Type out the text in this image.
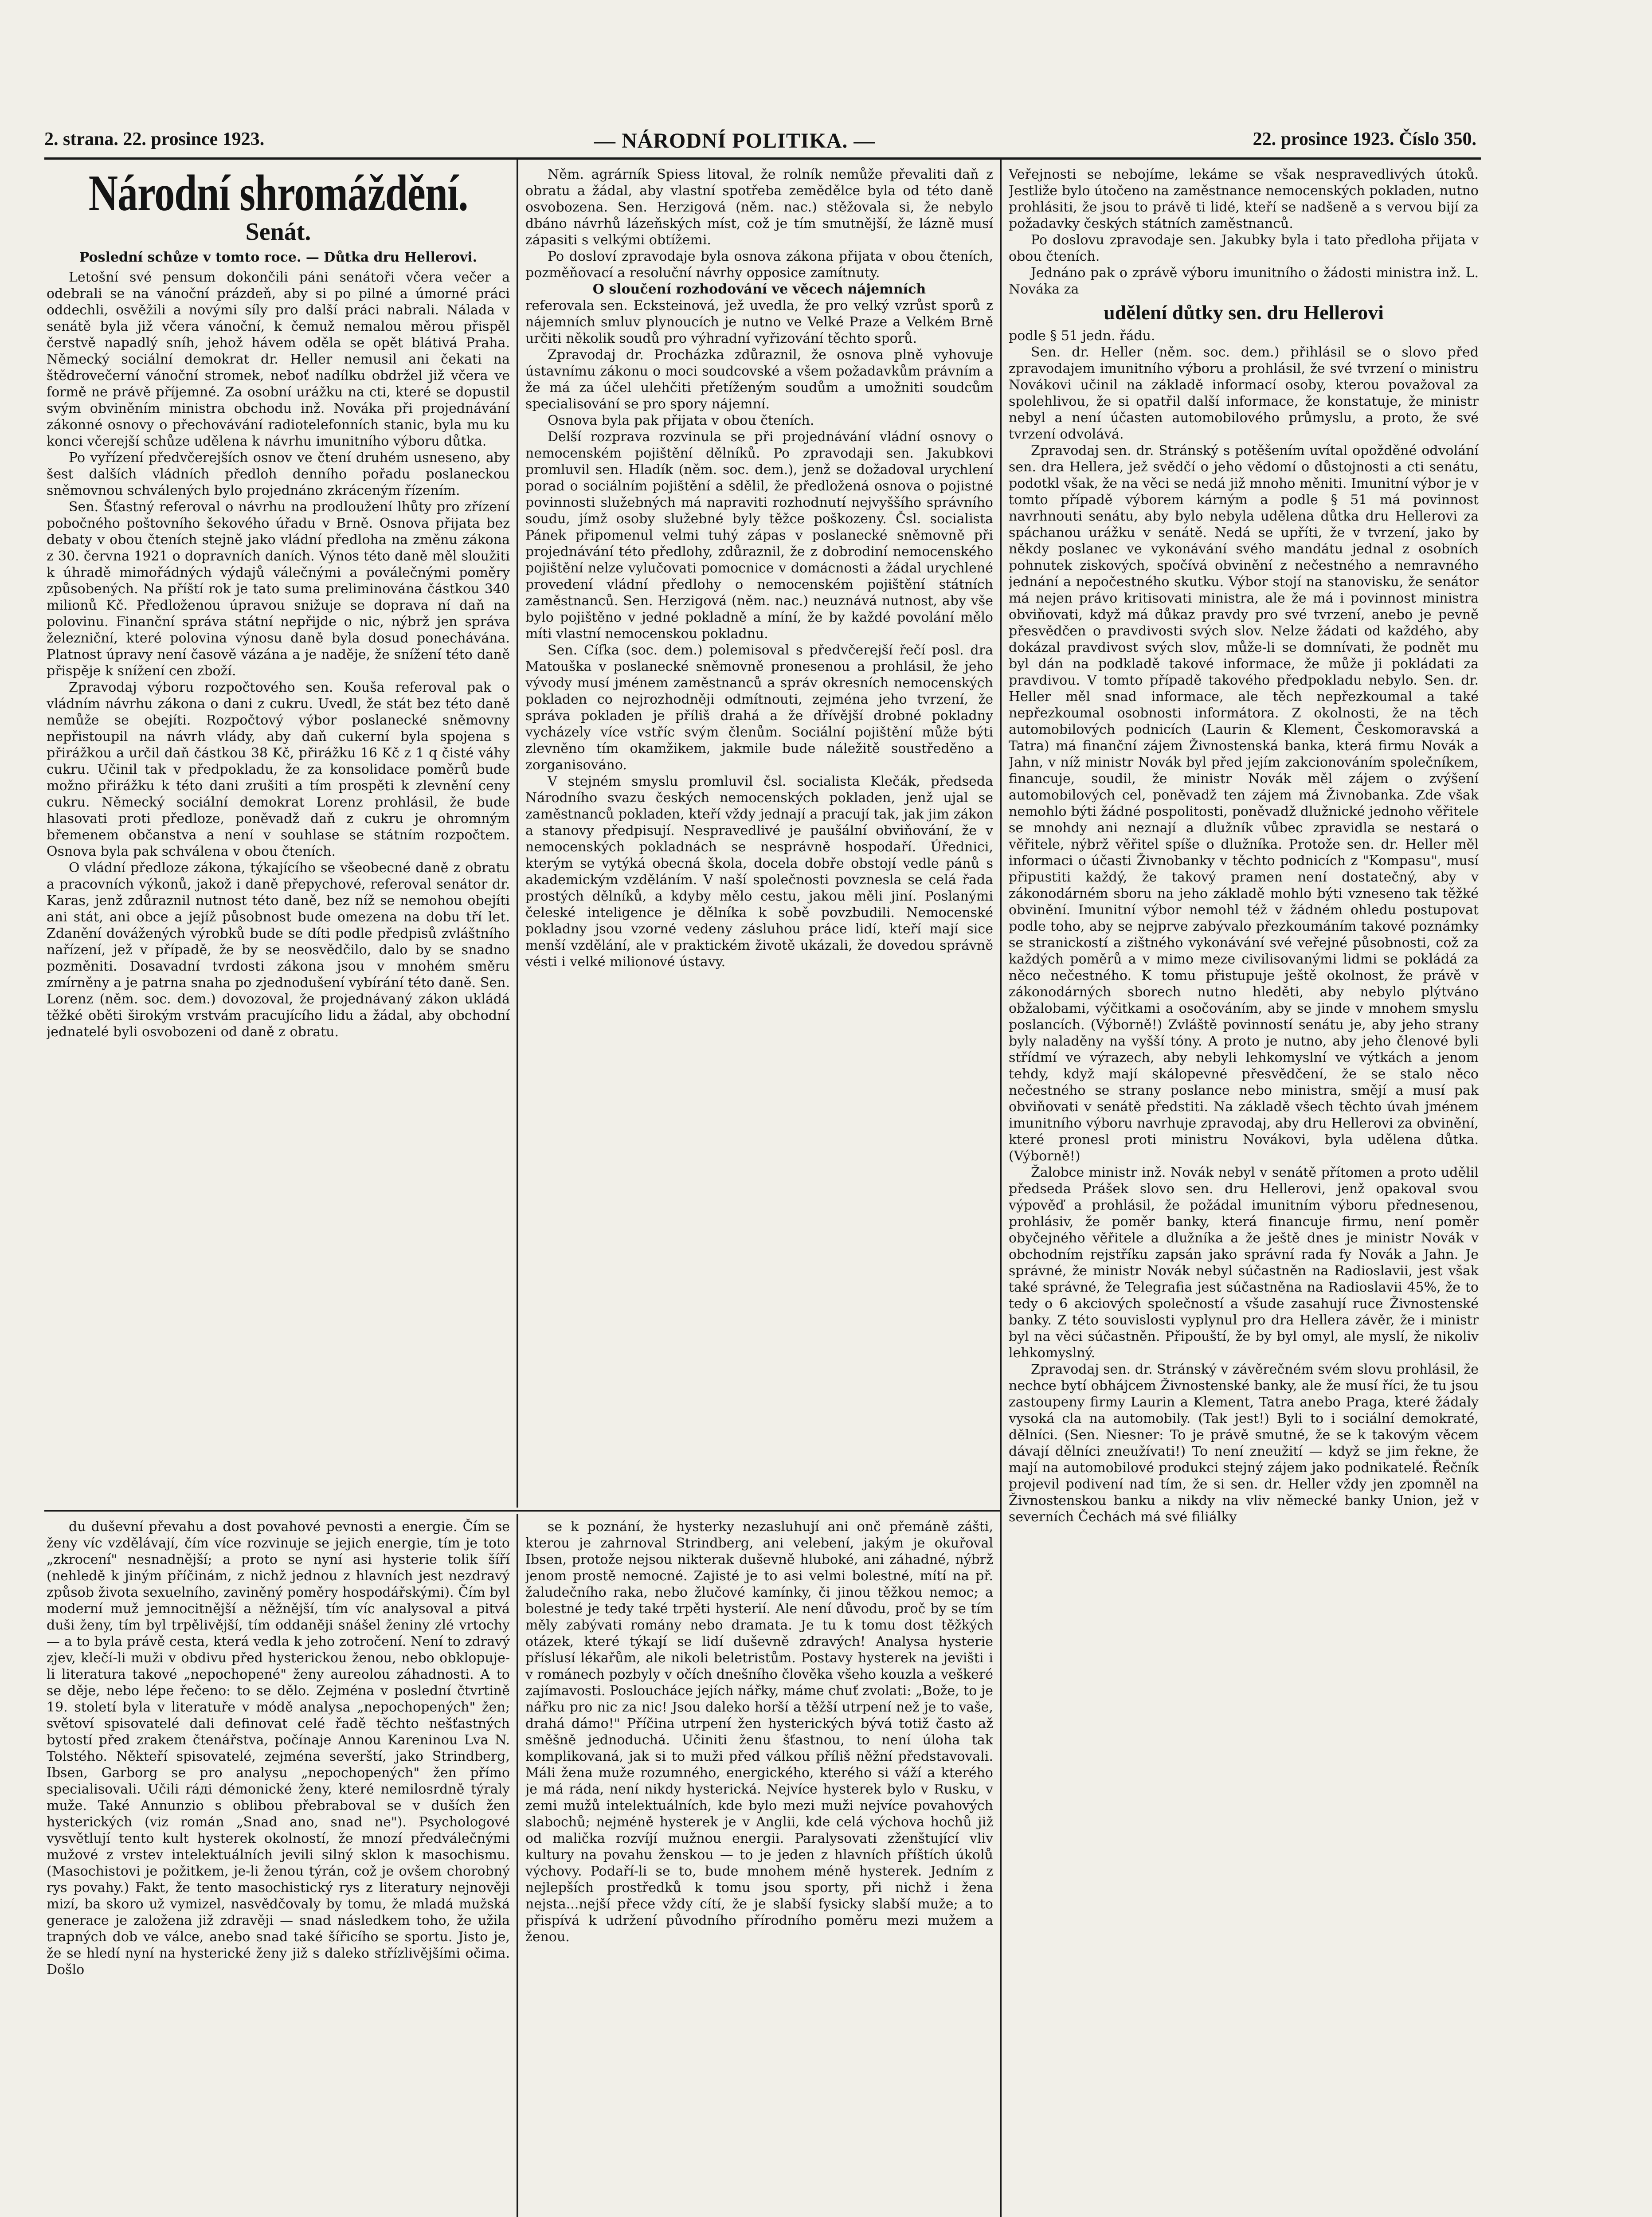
2. strana. 22. prosince 1923.	— NÁRODNÍ POLITIKA. —	22. prosince 1923. Číslo 350.
Národní shromáždění.
Senát.
Poslední schůze v tomto roce. — Důtka dru Hellerovi.

Letošní své pensum dokončili páni senátoři včera večer a odebrali se na vánoční prázdeň, aby si po pilné a úmorné práci oddechli, osvěžili a novými síly pro další práci nabrali. Nálada v senátě byla již včera vánoční, k čemuž nemalou měrou přispěl čerstvě napadlý sníh, jehož hávem oděla se opět blátivá Praha. Německý sociální demokrat dr. Heller nemusil ani čekati na štědrovečerní vánoční stromek, neboť nadílku obdržel již včera ve formě ne právě příjemné. Za osobní urážku na cti, které se dopustil svým obviněním ministra obchodu inž. Nováka při projednávání zákonné osnovy o přechovávání radiotelefonních stanic, byla mu ku konci včerejší schůze udělena k návrhu imunitního výboru důtka.

Po vyřízení předvčerejších osnov ve čtení druhém usneseno, aby šest dalších vládních předloh denního pořadu poslaneckou sněmovnou schválených bylo projednáno zkráceným řízením.

Sen. Šťastný referoval o návrhu na prodloužení lhůty pro zřízení pobočného poštovního šekového úřadu v Brně. Osnova přijata bez debaty v obou čteních stejně jako vládní předloha na změnu zákona z 30. června 1921 o dopravních daních. Výnos této daně měl sloužiti k úhradě mimořádných výdajů válečnými a poválečnými poměry způsobených. Na příští rok je tato suma preliminována částkou 340 milionů Kč. Předloženou úpravou snižuje se doprava ní daň na polovinu. Finanční správa státní nepřijde o nic, nýbrž jen správa železniční, které polovina výnosu daně byla dosud ponechávána. Platnost úpravy není časově vázána a je naděje, že snížení této daně přispěje k snížení cen zboží.

Zpravodaj výboru rozpočtového sen. Kouša referoval pak o vládním návrhu zákona o dani z cukru. Uvedl, že stát bez této daně nemůže se obejíti. Rozpočtový výbor poslanecké sněmovny nepřistoupil na návrh vlády, aby daň cukerní byla spojena s přirážkou a určil daň částkou 38 Kč, přirážku 16 Kč z 1 q čisté váhy cukru. Učinil tak v předpokladu, že za konsolidace poměrů bude možno přirážku k této dani zrušiti a tím prospěti k zlevnění ceny cukru. Německý sociální demokrat Lorenz prohlásil, že bude hlasovati proti předloze, poněvadž daň z cukru je ohromným břemenem občanstva a není v souhlase se státním rozpočtem. Osnova byla pak schválena v obou čteních.

O vládní předloze zákona, týkajícího se všeobecné daně z obratu a pracovních výkonů, jakož i daně přepychové, referoval senátor dr. Karas, jenž zdůraznil nutnost této daně, bez níž se nemohou obejíti ani stát, ani obce a jejíž působnost bude omezena na dobu tří let. Zdanění dovážených výrobků bude se díti podle předpisů zvláštního nařízení, jež v případě, že by se neosvědčilo, dalo by se snadno pozměniti. Dosavadní tvrdosti zákona jsou v mnohém směru zmírněny a je patrna snaha po zjednodušení vybírání této daně. Sen. Lorenz (něm. soc. dem.) dovozoval, že projednávaný zákon ukládá těžké oběti širokým vrstvám pracujícího lidu a žádal, aby obchodní jednatelé byli osvobozeni od daně z obratu.

Něm. agrárník Spiess litoval, že rolník nemůže převaliti daň z obratu a žádal, aby vlastní spotřeba zemědělce byla od této daně osvobozena. Sen. Herzigová (něm. nac.) stěžovala si, že nebylo dbáno návrhů lázeňských míst, což je tím smutnější, že lázně musí zápasiti s velkými obtížemi.

Po dosloví zpravodaje byla osnova zákona přijata v obou čteních, pozměňovací a resoluční návrhy opposice zamítnuty.

O sloučení rozhodování ve věcech nájemních

referovala sen. Ecksteinová, jež uvedla, že pro velký vzrůst sporů z nájemních smluv plynoucích je nutno ve Velké Praze a Velkém Brně určiti několik soudů pro výhradní vyřizování těchto sporů.

Zpravodaj dr. Procházka zdůraznil, že osnova plně vyhovuje ústavnímu zákonu o moci soudcovské a všem požadavkům právním a že má za účel ulehčiti přetíženým soudům a umožniti soudcům specialisování se pro spory nájemní.

Osnova byla pak přijata v obou čteních.

Delší rozprava rozvinula se při projednávání vládní osnovy o nemocenském pojištění dělníků. Po zpravodaji sen. Jakubkovi promluvil sen. Hladík (něm. soc. dem.), jenž se dožadoval urychlení porad o sociálním pojištění a sdělil, že předložená osnova o pojistné povinnosti služebných má napraviti rozhodnutí nejvyššího správního soudu, jímž osoby služebné byly těžce poškozeny. Čsl. socialista Pánek připomenul velmi tuhý zápas v poslanecké sněmovně při projednávání této předlohy, zdůraznil, že z dobrodiní nemocenského pojištění nelze vylučovati pomocnice v domácnosti a žádal urychlené provedení vládní předlohy o nemocenském pojištění státních zaměstnanců. Sen. Herzigová (něm. nac.) neuznává nutnost, aby vše bylo pojištěno v jedné pokladně a míní, že by každé povolání mělo míti vlastní nemocenskou pokladnu.

Sen. Cífka (soc. dem.) polemisoval s předvčerejší řečí posl. dra Matouška v poslanecké sněmovně pronesenou a prohlásil, že jeho vývody musí jménem zaměstnanců a správ okresních nemocenských pokladen co nejrozhodněji odmítnouti, zejména jeho tvrzení, že správa pokladen je příliš drahá a že dřívější drobné pokladny vycházely více vstříc svým členům. Sociální pojištění může býti zlevněno tím okamžikem, jakmile bude náležitě soustředěno a zorganisováno.

V stejném smyslu promluvil čsl. socialista Klečák, předseda Národního svazu českých nemocenských pokladen, jenž ujal se zaměstnanců pokladen, kteří vždy jednají a pracují tak, jak jim zákon a stanovy předpisují. Nespravedlivé je paušální obviňování, že v nemocenských pokladnách se nesprávně hospodaří. Úřednici, kterým se vytýká obecná škola, docela dobře obstojí vedle pánů s akademickým vzděláním. V naší společnosti povznesla se celá řada prostých dělníků, a kdyby mělo cestu, jakou měli jiní. Poslanými čeleské inteligence je dělníka k sobě povzbudili. Nemocenské pokladny jsou vzorné vedeny zásluhou práce lidí, kteří mají sice menší vzdělání, ale v praktickém životě ukázali, že dovedou správně vésti i velké milionové ústavy.

Veřejnosti se nebojíme, lekáme se však nespravedlivých útoků. Jestliže bylo útočeno na zaměstnance nemocenských pokladen, nutno prohlásiti, že jsou to právě ti lidé, kteří se nadšeně a s vervou bijí za požadavky českých státních zaměstnanců.

Po doslovu zpravodaje sen. Jakubky byla i tato předloha přijata v obou čteních.

Jednáno pak o zprávě výboru imunitního o žádosti ministra inž. L. Nováka za

udělení důtky sen. dru Hellerovi

podle § 51 jedn. řádu.

Sen. dr. Heller (něm. soc. dem.) přihlásil se o slovo před zpravodajem imunitního výboru a prohlásil, že své tvrzení o ministru Novákovi učinil na základě informací osoby, kterou považoval za spolehlivou, že si opatřil další informace, že konstatuje, že ministr nebyl a není účasten automobilového průmyslu, a proto, že své tvrzení odvolává.

Zpravodaj sen. dr. Stránský s potěšením uvítal opožděné odvolání sen. dra Hellera, jež svědčí o jeho vědomí o důstojnosti a cti senátu, podotkl však, že na věci se nedá již mnoho měniti. Imunitní výbor je v tomto případě výborem kárným a podle § 51 má povinnost navrhnouti senátu, aby bylo nebyla udělena důtka dru Hellerovi za spáchanou urážku v senátě. Nedá se upříti, že v tvrzení, jako by někdy poslanec ve vykonávání svého mandátu jednal z osobních pohnutek ziskových, spočívá obvinění z nečestného a nemravného jednání a nepočestného skutku. Výbor stojí na stanovisku, že senátor má nejen právo kritisovati ministra, ale že má i povinnost ministra obviňovati, když má důkaz pravdy pro své tvrzení, anebo je pevně přesvědčen o pravdivosti svých slov. Nelze žádati od každého, aby dokázal pravdivost svých slov, může-li se domnívati, že podnět mu byl dán na podkladě takové informace, že může ji pokládati za pravdivou. V tomto případě takového předpokladu nebylo. Sen. dr. Heller měl snad informace, ale těch nepřezkoumal a také nepřezkoumal osobnosti informátora. Z okolnosti, že na těch automobilových podnicích (Laurin & Klement, Českomoravská a Tatra) má finanční zájem Živnostenská banka, která firmu Novák a Jahn, v níž ministr Novák byl před jejím zakcionováním společníkem, financuje, soudil, že ministr Novák měl zájem o zvýšení automobilových cel, poněvadž ten zájem má Živnobanka. Zde však nemohlo býti žádné pospolitosti, poněvadž dlužnické jednoho věřitele se mnohdy ani neznají a dlužník vůbec zpravidla se nestará o věřitele, nýbrž věřitel spíše o dlužníka. Protože sen. dr. Heller měl informaci o účasti Živnobanky v těchto podnicích z "Kompasu", musí připustiti každý, že takový pramen není dostatečný, aby v zákonodárném sboru na jeho základě mohlo býti vzneseno tak těžké obvinění. Imunitní výbor nemohl též v žádném ohledu postupovat podle toho, aby se nejprve zabývalo přezkoumáním takové poznámky se stranickostí a zištného vykonávání své veřejné působnosti, což za každých poměrů a v mimo meze civilisovanými lidmi se pokládá za něco nečestného. K tomu přistupuje ještě okolnost, že právě v zákonodárných sborech nutno hleděti, aby nebylo plýtváno obžalobami, výčitkami a osočováním, aby se jinde v mnohem smyslu poslancích. (Výborně!) Zvláště povinností senátu je, aby jeho strany byly naladěny na vyšší tóny. A proto je nutno, aby jeho členové byli střídmí ve výrazech, aby nebyli lehkomyslní ve výtkách a jenom tehdy, když mají skálopevné přesvědčení, že se stalo něco nečestného se strany poslance nebo ministra, smějí a musí pak obviňovati v senátě předstiti. Na základě všech těchto úvah jménem imunitního výboru navrhuje zpravodaj, aby dru Hellerovi za obvinění, které pronesl proti ministru Novákovi, byla udělena důtka. (Výborně!)

Žalobce ministr inž. Novák nebyl v senátě přítomen a proto udělil předseda Prášek slovo sen. dru Hellerovi, jenž opakoval svou výpověď a prohlásil, že požádal imunitním výboru přednesenou, prohlásiv, že poměr banky, která financuje firmu, není poměr obyčejného věřitele a dlužníka a že ještě dnes je ministr Novák v obchodním rejstříku zapsán jako správní rada fy Novák a Jahn. Je správné, že ministr Novák nebyl súčastněn na Radioslavii, jest však také správné, že Telegrafia jest súčastněna na Radioslavii 45%, že to tedy o 6 akciových společností a všude zasahují ruce Živnostenské banky. Z této souvislosti vyplynul pro dra Hellera závěr, že i ministr byl na věci súčastněn. Připouští, že by byl omyl, ale myslí, že nikoliv lehkomyslný.

Zpravodaj sen. dr. Stránský v závěrečném svém slovu prohlásil, že nechce bytí obhájcem Živnostenské banky, ale že musí říci, že tu jsou zastoupeny firmy Laurin a Klement, Tatra anebo Praga, které žádaly vysoká cla na automobily. (Tak jest!) Byli to i sociální demokraté, dělníci. (Sen. Niesner: To je právě smutné, že se k takovým věcem dávají dělníci zneužívati!) To není zneužití — když se jim řekne, že mají na automobilové produkci stejný zájem jako podnikatelé. Řečník projevil podivení nad tím, že si sen. dr. Heller vždy jen zpomněl na Živnostenskou banku a nikdy na vliv německé banky Union, jež v severních Čechách má své filiálky

du duševní převahu a dost povahové pevnosti a energie. Čím se ženy víc vzdělávají, čím více rozvinuje se jejich energie, tím je toto „zkrocení" nesnadnější; a proto se nyní asi hysterie tolik šíří (nehledě k jiným příčinám, z nichž jednou z hlavních jest nezdravý způsob života sexuelního, zaviněný poměry hospodářskými). Čím byl moderní muž jemnocitnější a něžnější, tím víc analysoval a pitvá duši ženy, tím byl trpělivější, tím oddaněji snášel ženiny zlé vrtochy — a to byla právě cesta, která vedla k jeho zotročení. Není to zdravý zjev, klečí-li muži v obdivu před hysterickou ženou, nebo obklopuje-li literatura takové „nepochopené" ženy aureolou záhadnosti. A to se děje, nebo lépe řečeno: to se dělo. Zejména v poslední čtvrtině 19. století byla v literatuře v módě analysa „nepochopených" žen; světoví spisovatelé dali definovat celé řadě těchto nešťastných bytostí před zrakem čtenářstva, počínaje Annou Kareninou Lva N. Tolstého. Někteří spisovatelé, zejména severští, jako Strindberg, Ibsen, Garborg se pro analysu „nepochopených" žen přímo specialisovali. Učili ráді démonické ženy, které nemilosrdně týraly muže. Také Annunzio s oblibou přebraboval se v duších žen hysterických (viz román „Snad ano, snad ne"). Psychologové vysvětlují tento kult hysterek okolností, že mnozí předválečnými mužové z vrstev intelektuálních jevili silný sklon k masochismu. (Masochistovi je požitkem, je-li ženou týrán, což je ovšem chorobný rys povahy.) Fakt, že tento masochistický rys z literatury nejnověji mizí, ba skoro už vymizel, nasvědčovaly by tomu, že mladá mužská generace je založena již zdravěji — snad následkem toho, že užila trapných dob ve válce, anebo snad také šířicího se sportu. Jisto je, že se hledí nyní na hysterické ženy již s daleko střízlivějšími očima. Došlo

se k poznání, že hysterky nezasluhují ani onč přemáně zášti, kterou je zahrnoval Strindberg, ani velebení, jakým je okuřoval Ibsen, protože nejsou nikterak duševně hluboké, ani záhadné, nýbrž jenom prostě nemocné. Zajisté je to asi velmi bolestné, mítí na př. žaludečního raka, nebo žlučové kamínky, či jinou těžkou nemoc; a bolestné je tedy také trpěti hysterií. Ale není důvodu, proč by se tím měly zabývati romány nebo dramata. Je tu k tomu dost těžkých otázek, které týkají se lidí duševně zdravých! Analysa hysterie příslusí lékařům, ale nikoli beletristům. Postavy hysterek na jevišti i v románech pozbyly v očích dnešního člověka všeho kouzla a veškeré zajímavosti. Posloucháce jejích nářky, máme chuť zvolati: „Bože, to je nářku pro nic za nic! Jsou daleko horší a těžší utrpení než je to vaše, drahá dámo!" Příčina utrpení žen hysterických bývá totiž často až směšně jednoduchá. Učiniti ženu šťastnou, to není úloha tak komplikovaná, jak si to muži před válkou příliš něžní představovali. Máli žena muže rozumného, energického, kterého si váží a kterého je má ráda, není nikdy hysterická. Nejvíce hysterek bylo v Rusku, v zemi mužů intelektuálních, kde bylo mezi muži nejvíce povahových slabochů; nejméně hysterek je v Anglii, kde celá výchova hochů již od malička rozvíjí mužnou energii. Paralysovati zženštující vliv kultury na povahu ženskou — to je jeden z hlavních příštích úkolů výchovy. Podaří-li se to, bude mnohem méně hysterek. Jedním z nejlepších prostředků k tomu jsou sporty, při nichž i žena nejsta...nejší přece vždy cítí, že je slabší fysicky slabší muže; a to přispívá k udržení původního přírodního poměru mezi mužem a ženou.
